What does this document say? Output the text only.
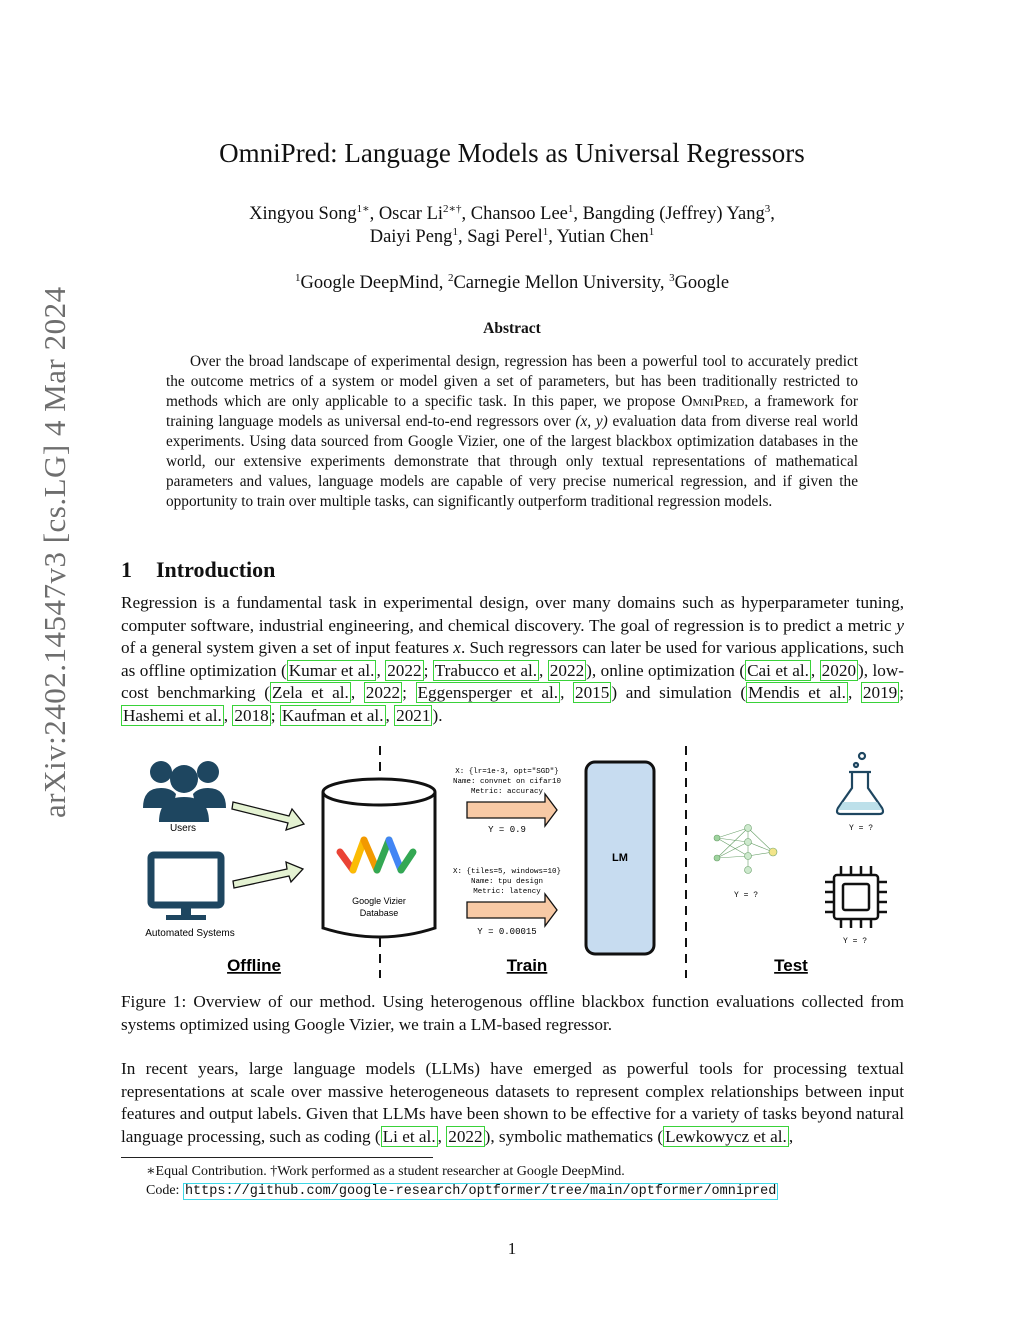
arXiv:2402.14547v3 [cs.LG] 4 Mar 2024
OmniPred: Language Models as Universal Regressors
Xingyou Song$^{1∗}$, Oscar $Li^{2∗\dagger}$, Chansoo Lee$^1$, Bangding (Jeffrey) Yang$^3$,
Daiyi Peng$^1$, Sagi Perel$^1$, Yutian Chen$^1$
$^1$Google DeepMind, $^2$Carnegie Mellon University, $^3$Google
Abstract

Over the broad landscape of experimental design, regression has been a powerful tool to accurately predict the outcome metrics of a system or model given a set of parameters, but has been traditionally restricted to methods which are only applicable to a specific task. In this paper, we propose OmniPred, a framework for training language models as universal end-to-end regressors over (x, y) evaluation data from diverse real world experiments. Using data sourced from Google Vizier, one of the largest blackbox optimization databases in the world, our extensive experiments demonstrate that through only textual representations of mathematical parameters and values, language models are capable of very precise numerical regression, and if given the opportunity to train over multiple tasks, can significantly outperform traditional regression models.

1 Introduction

Regression is a fundamental task in experimental design, over many domains such as hyperparameter tuning, computer software, industrial engineering, and chemical discovery. The goal of regression is to predict a metric y of a general system given a set of input features x. Such regressors can later be used for various applications, such as offline optimization ( Kumar et al. , 2022 ; Trabucco et al. , 2022 ), online optimization ( Cai et al. , 2020 ), low-cost benchmarking ( Zela et al. , 2022 ; Eggensperger et al. , 2015 ) and simulation ( Mendis et al. , 2019 ; Hashemi et al. , 2018 ; Kaufman et al. , 2021 ).

Users
Automated Systems
Google Vizier
Database
X: {lr=1e-3, opt="SGD"}
Name: convnet on cifar10
Metric: accuracy
Y = 0.9
X: {tiles=5, windows=10}
Name: tpu design
Metric: latency
Y = 0.00015
LM
Y = ?
Y = ?
Y = ?
Offline	Train	Test
Figure 1: Overview of our method. Using heterogenous offline blackbox function evaluations collected from systems optimized using Google Vizier, we train a LM-based regressor.

In recent years, large language models (LLMs) have emerged as powerful tools for processing textual representations at scale over massive heterogeneous datasets to represent complex relationships between input features and output labels. Given that LLMs have been shown to be effective for a variety of tasks beyond natural language processing, such as coding ( Li et al. , 2022 ), symbolic mathematics ( Lewkowycz et al. ,

∗Equal Contribution. †Work performed as a student researcher at Google DeepMind.
Code: https://github.com/google-research/optformer/tree/main/optformer/omnipred
1
